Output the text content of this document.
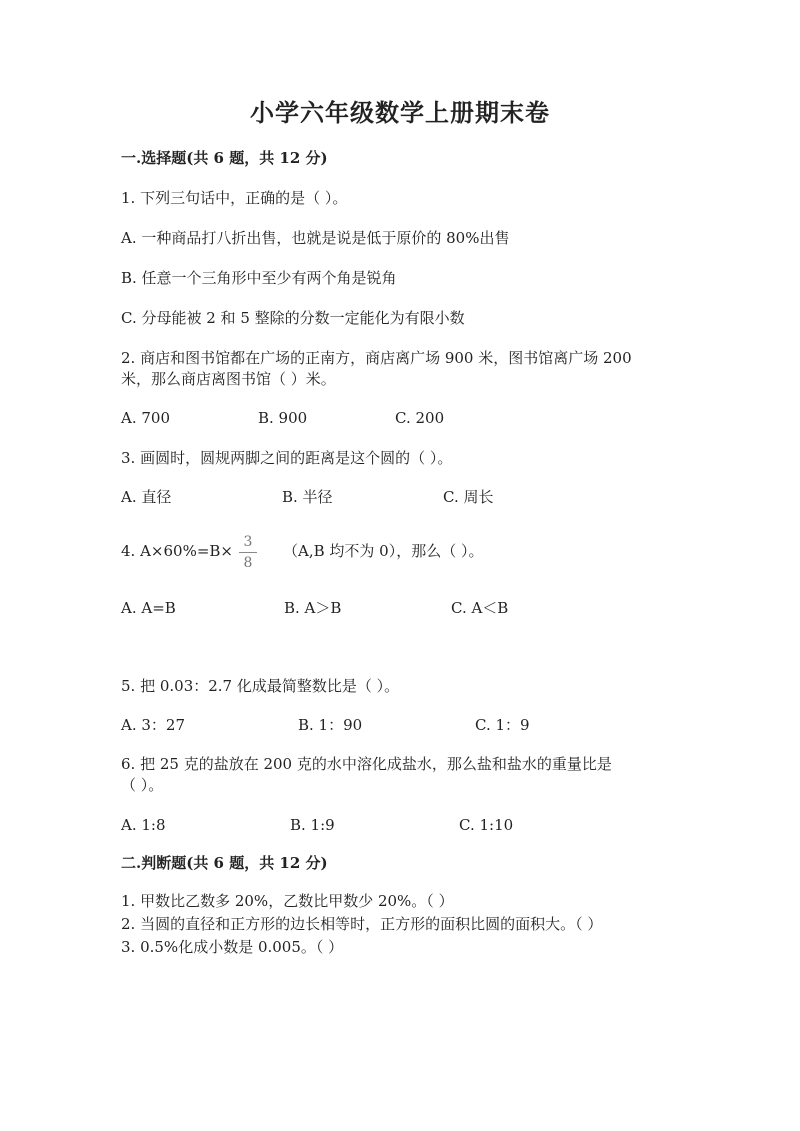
小学六年级数学上册期末卷
一.选择题(共 6 题，共 12 分)
1. 下列三句话中，正确的是（ ）。
A. 一种商品打八折出售，也就是说是低于原价的 80%出售
B. 任意一个三角形中至少有两个角是锐角
C. 分母能被 2 和 5 整除的分数一定能化为有限小数
2. 商店和图书馆都在广场的正南方，商店离广场 900 米，图书馆离广场 200
米，那么商店离图书馆（ ）米。
A. 700	B. 900	C. 200
3. 画圆时，圆规两脚之间的距离是这个圆的（ ）。
A. 直径	B. 半径	C. 周长
4. A×60%=B× 3
8
（A,B 均不为 0），那么（ ）。
A. A=B	B. A＞B	C. A＜B
5. 把 0.03：2.7 化成最简整数比是（ ）。
A. 3：27	B. 1：90	C. 1：9
6. 把 25 克的盐放在 200 克的水中溶化成盐水，那么盐和盐水的重量比是
（ ）。
A. 1:8	B. 1:9	C. 1:10
二.判断题(共 6 题，共 12 分)
1. 甲数比乙数多 20%，乙数比甲数少 20%。（ ）
2. 当圆的直径和正方形的边长相等时，正方形的面积比圆的面积大。（ ）
3. 0.5%化成小数是 0.005。（ ）
